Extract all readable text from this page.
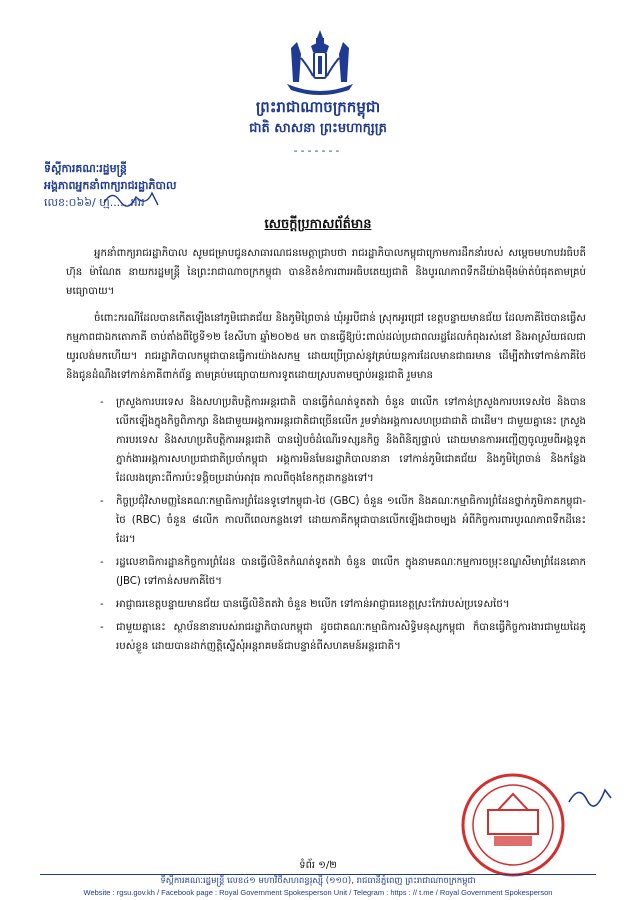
ព្រះរាជាណាចក្រកម្ពុជា
ជាតិ សាសនា ព្រះមហាក្សត្រ
-------
ទីស្ដីការគណៈរដ្ឋមន្ត្រី
អង្គភាពអ្នកនាំពាក្យរាជរដ្ឋាភិបាល
លេខ:០៦៦/ ហ្ម......អររ
សេចក្ដីប្រកាសព័ត៌មាន

អ្នកនាំពាក្យរាជរដ្ឋាភិបាល សូមជម្រាបជូនសាធារណជនមេត្តាជ្រាបថា រាជរដ្ឋាភិបាលកម្ពុជាក្រោមការដឹកនាំរបស់ សម្ដេចមហាបវរធិបតី ហ៊ុន ម៉ាណែត នាយករដ្ឋមន្ត្រី នៃព្រះរាជាណាចក្រកម្ពុជា បានខិតខំការពារអធិបតេយ្យជាតិ និងបូរណភាពទឹកដីយ៉ាងម៉ឺងម៉ាត់បំផុតតាមគ្រប់មធ្យោបាយ។

ចំពោះករណីដែលបានកើតឡើងនៅភូមិជោគជ័យ និងភូមិព្រៃចាន់ ឃុំអូរបីជាន់ ស្រុកអូរជ្រៅ ខេត្តបន្ទាយមានជ័យ ដែលភាគីថៃបានធ្វើសកម្មភាពជាឯកតោភាគី ចាប់តាំងពីថ្ងៃទី១២ ខែសីហា ឆ្នាំ២០២៥ មក បានធ្វើឱ្យប៉ះពាល់ដល់ប្រជាពលរដ្ឋដែលកំពុងរស់នៅ និងអាស្រ័យផលជាយូរលង់មកហើយ។ រាជរដ្ឋាភិបាលកម្ពុជាបានធ្វើការយ៉ាងសកម្ម ដោយប្រើប្រាស់នូវគ្រប់យន្តការដែលមានជាធរមាន ដើម្បីតវ៉ាទៅកាន់ភាគីថៃ និងជូនដំណឹងទៅកាន់ភាគីពាក់ព័ន្ធ តាមគ្រប់មធ្យោបាយការទូតដោយស្របតាមច្បាប់អន្តរជាតិ រួមមាន

- ក្រសួងការបរទេស និងសហប្រតិបត្តិការអន្តរជាតិ បានធ្វើកំណត់ទូតតវ៉ា ចំនួន ៣លើក ទៅកាន់ក្រសួងការបរទេសថៃ និងបានលើកឡើងក្នុងកិច្ចពិភាក្សា និងជាមួយអង្គការអន្តរជាតិជាច្រើនលើក រួមទាំងអង្គការសហប្រជាជាតិ ជាដើម។ ជាមួយគ្នានេះ ក្រសួងការបរទេស និងសហប្រតិបត្តិការអន្តរជាតិ បានរៀបចំដំណើរទស្សនកិច្ច និងពិនិត្យផ្ទាល់ ដោយមានការអញ្ជើញចូលរួមពីអង្គទូត ភ្នាក់ងារអង្គការសហប្រជាជាតិប្រចាំកម្ពុជា អង្គការមិនមែនរដ្ឋាភិបាលនានា ទៅកាន់ភូមិជោគជ័យ និងភូមិព្រៃចាន់ និងកន្លែងដែលរងគ្រោះពីការប៉ះទង្គិចប្រដាប់អាវុធ កាលពីចុងខែកក្កដាកន្លងទៅ។
- កិច្ចប្រជុំវិសាមញ្ញនៃគណៈកម្មាធិការព្រំដែនទូទៅកម្ពុជា-ថៃ (GBC) ចំនួន ១លើក និងគណៈកម្មាធិការព្រំដែនថ្នាក់ភូមិភាគកម្ពុជា-ថៃ (RBC) ចំនួន ៨លើក កាលពីពេលកន្លងទៅ ដោយភាគីកម្ពុជាបានលើកឡើងជាចម្បង អំពីកិច្ចការពារបូរណភាពទឹកដីនេះដែរ។
- រដ្ឋលេខាធិការដ្ឋានកិច្ចការព្រំដែន បានធ្វើលិខិតកំណត់ទូតតវ៉ា ចំនួន ៣លើក ក្នុងនាមគណៈកម្មការចម្រុះខណ្ឌសីមាព្រំដែនគោក (JBC) ទៅកាន់សមភាគីថៃ។
- អាជ្ញាធរខេត្តបន្ទាយមានជ័យ បានធ្វើលិខិតតវ៉ា ចំនួន ២លើក ទៅកាន់អាជ្ញាធរខេត្តស្រះកែវរបស់ប្រទេសថៃ។
- ជាមួយគ្នានេះ ស្ថាប័ននានារបស់រាជរដ្ឋាភិបាលកម្ពុជា ដូចជាគណៈកម្មាធិការសិទ្ធិមនុស្សកម្ពុជា ក៏បានធ្វើកិច្ចការងារជាមួយដៃគូរបស់ខ្លួន ដោយបានដាក់ញត្តិស្នើសុំអន្តរាគមន៍ជាបន្ទាន់ពីសហគមន៍អន្តរជាតិ។
ទំព័រ ១/២
ទីស្ដីការគណៈរដ្ឋមន្ត្រី លេខ៤១ មហាវិថីសហពន្ធរុស្ស៊ី (១១០), រាជធានីភ្នំពេញ ព្រះរាជាណាចក្រកម្ពុជា
Website : rgsu.gov.kh / Facebook page : Royal Government Spokesperson Unit / Telegram : https : // t.me / Royal Government Spokesperson
